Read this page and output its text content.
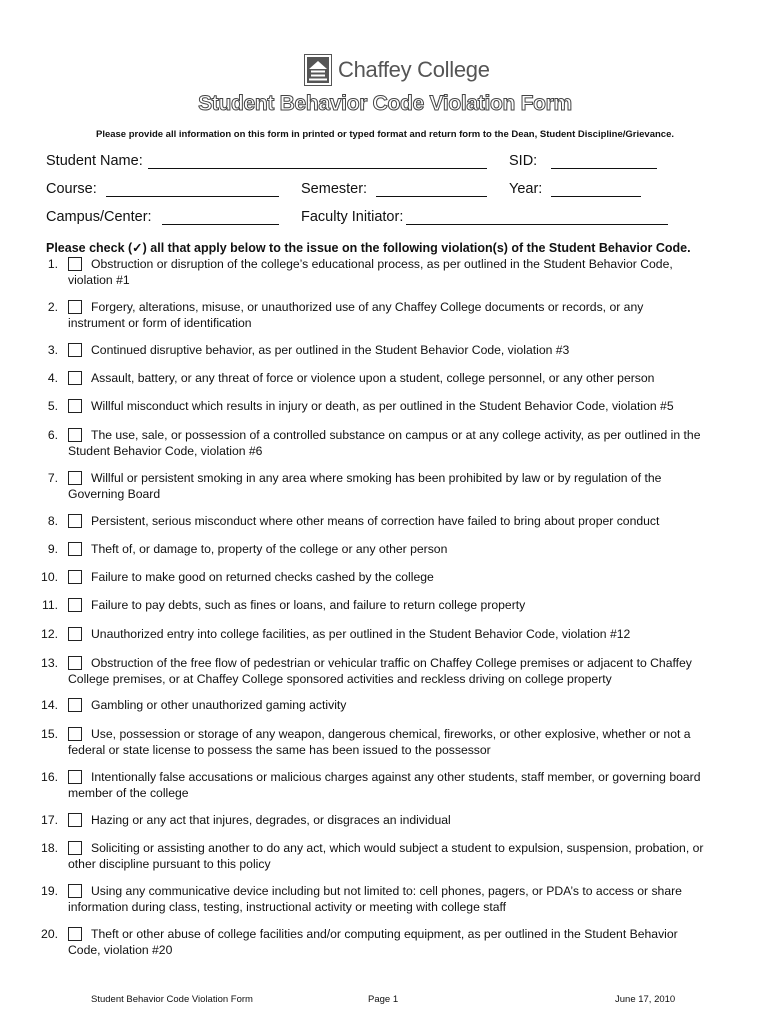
Chaffey College
Student Behavior Code Violation Form
Please provide all information on this form in printed or typed format and return form to the Dean, Student Discipline/Grievance.
Student Name:	SID:
Course:	Semester:	Year:
Campus/Center:	Faculty Initiator:
Please check (✓) all that apply below to the issue on the following violation(s) of the Student Behavior Code.
1.	Obstruction or disruption of the college’s educational process, as per outlined in the Student Behavior Code,
violation #1
2.	Forgery, alterations, misuse, or unauthorized use of any Chaffey College documents or records, or any
instrument or form of identification
3.	Continued disruptive behavior, as per outlined in the Student Behavior Code, violation #3
4.	Assault, battery, or any threat of force or violence upon a student, college personnel, or any other person
5.	Willful misconduct which results in injury or death, as per outlined in the Student Behavior Code, violation #5
6.	The use, sale, or possession of a controlled substance on campus or at any college activity, as per outlined in the
Student Behavior Code, violation #6
7.	Willful or persistent smoking in any area where smoking has been prohibited by law or by regulation of the
Governing Board
8.	Persistent, serious misconduct where other means of correction have failed to bring about proper conduct
9.	Theft of, or damage to, property of the college or any other person
10.	Failure to make good on returned checks cashed by the college
11.	Failure to pay debts, such as fines or loans, and failure to return college property
12.	Unauthorized entry into college facilities, as per outlined in the Student Behavior Code, violation #12
13.	Obstruction of the free flow of pedestrian or vehicular traffic on Chaffey College premises or adjacent to Chaffey
College premises, or at Chaffey College sponsored activities and reckless driving on college property
14.	Gambling or other unauthorized gaming activity
15.	Use, possession or storage of any weapon, dangerous chemical, fireworks, or other explosive, whether or not a
federal or state license to possess the same has been issued to the possessor
16.	Intentionally false accusations or malicious charges against any other students, staff member, or governing board
member of the college
17.	Hazing or any act that injures, degrades, or disgraces an individual
18.	Soliciting or assisting another to do any act, which would subject a student to expulsion, suspension, probation, or
other discipline pursuant to this policy
19.	Using any communicative device including but not limited to: cell phones, pagers, or PDA’s to access or share
information during class, testing, instructional activity or meeting with college staff
20.	Theft or other abuse of college facilities and/or computing equipment, as per outlined in the Student Behavior
Code, violation #20
Student Behavior Code Violation Form	Page 1	June 17, 2010
